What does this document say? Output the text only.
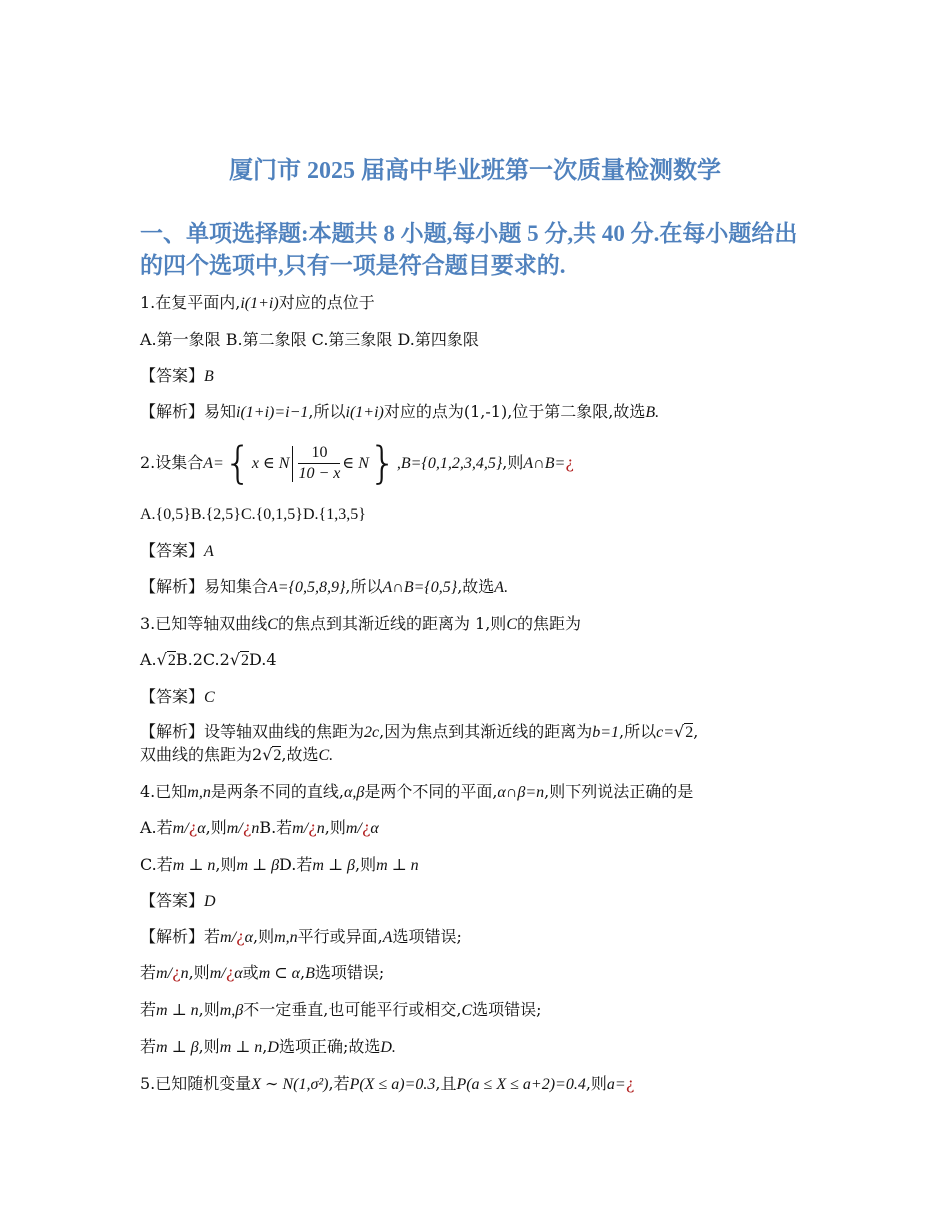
厦门市 2025 届高中毕业班第一次质量检测数学
一、单项选择题:本题共 8 小题,每小题 5 分,共 40 分.在每小题给出的四个选项中,只有一项是符合题目要求的.
1.在复平面内,i(1+i)对应的点位于
A.第一象限 B.第二象限 C.第三象限 D.第四象限
【答案】B
【解析】易知i(1+i)=i−1,所以i(1+i)对应的点为(1,-1),位于第二象限,故选B.
2.设集合A={x ∈ N $\frac{10}{10 - x}$ ∈ N},B={0,1,2,3,4,5},则A∩B=¿
A.{0,5}B.{2,5}C.{0,1,5}D.{1,3,5}
【答案】A
【解析】易知集合A={0,5,8,9},所以A∩B={0,5},故选A.
3.已知等轴双曲线C的焦点到其渐近线的距离为 1,则C的焦距为
A.√2B.2C.2√2D.4
【答案】C
【解析】设等轴双曲线的焦距为2c,因为焦点到其渐近线的距离为b=1,所以c=√2,
双曲线的焦距为2√2,故选C.
4.已知m,n是两条不同的直线,α,β是两个不同的平面,α∩β=n,则下列说法正确的是
A.若m/¿α,则m/¿nB.若m/¿n,则m/¿α
C.若m ⊥ n,则m ⊥ βD.若m ⊥ β,则m ⊥ n
【答案】D
【解析】若m/¿α,则m,n平行或异面,A选项错误;
若m/¿n,则m/¿α或m ⊂ α,B选项错误;
若m ⊥ n,则m,β不一定垂直,也可能平行或相交,C选项错误;
若m ⊥ β,则m ⊥ n,D选项正确;故选D.
5.已知随机变量X ∼ N(1,σ²),若P(X ≤ a)=0.3,且P(a ≤ X ≤ a+2)=0.4,则a=¿
